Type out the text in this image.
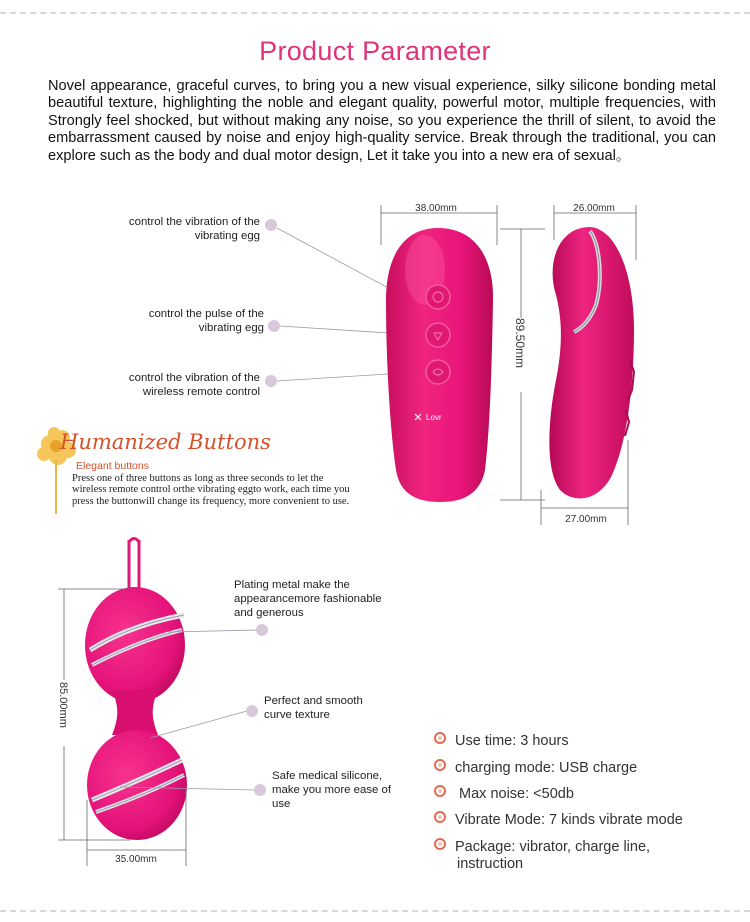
Product Parameter
Novel appearance, graceful curves, to bring you a new visual experience, silky silicone bonding metal beautiful texture, highlighting the noble and elegant quality, powerful motor, multiple frequencies, with Strongly feel shocked, but without making any noise, so you experience the thrill of silent, to avoid the embarrassment caused by noise and enjoy high-quality service. Break through the traditional, you can explore such as the body and dual motor design, Let it take you into a new era of sexual。
control the vibration of the
vibrating egg
control the pulse of the
vibrating egg
control the vibration of the
wireless remote control
38.00mm
Lovr
89.50mm
26.00mm
27.00mm
Humanized Buttons
Elegant buttons
Press one of three buttons as long as three seconds to let the wireless remote control orthe vibrating eggto work, each time you press the buttonwill change its frequency, more convenient to use.
85.00mm
35.00mm
Plating metal make the appearancemore fashionable and generous
Perfect and smooth curve texture
Safe medical silicone, make you more ease of use
Use time: 3 hours
charging mode: USB charge
Max noise: <50db
Vibrate Mode: 7 kinds vibrate mode
Package: vibrator, charge line,
instruction
